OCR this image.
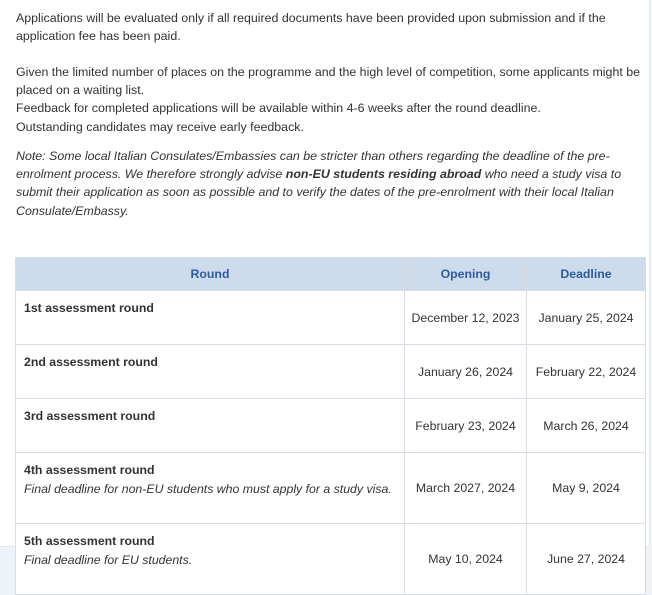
Applications will be evaluated only if all required documents have been provided upon submission and if the application fee has been paid.
Given the limited number of places on the programme and the high level of competition, some applicants might be placed on a waiting list.
Feedback for completed applications will be available within 4-6 weeks after the round deadline.
Outstanding candidates may receive early feedback.
Note: Some local Italian Consulates/Embassies can be stricter than others regarding the deadline of the pre-enrolment process. We therefore strongly advise non-EU students residing abroad who need a study visa to submit their application as soon as possible and to verify the dates of the pre-enrolment with their local Italian Consulate/Embassy.
Round	Opening	Deadline

1st assessment round	December 12, 2023	January 25, 2024

2nd assessment round	January 26, 2024	February 22, 2024

3rd assessment round	February 23, 2024	March 26, 2024

4th assessment round
Final deadline for non-EU students who must apply for a study visa.	March 2027, 2024	May 9, 2024

5th assessment round
Final deadline for EU students.	May 10, 2024	June 27, 2024
